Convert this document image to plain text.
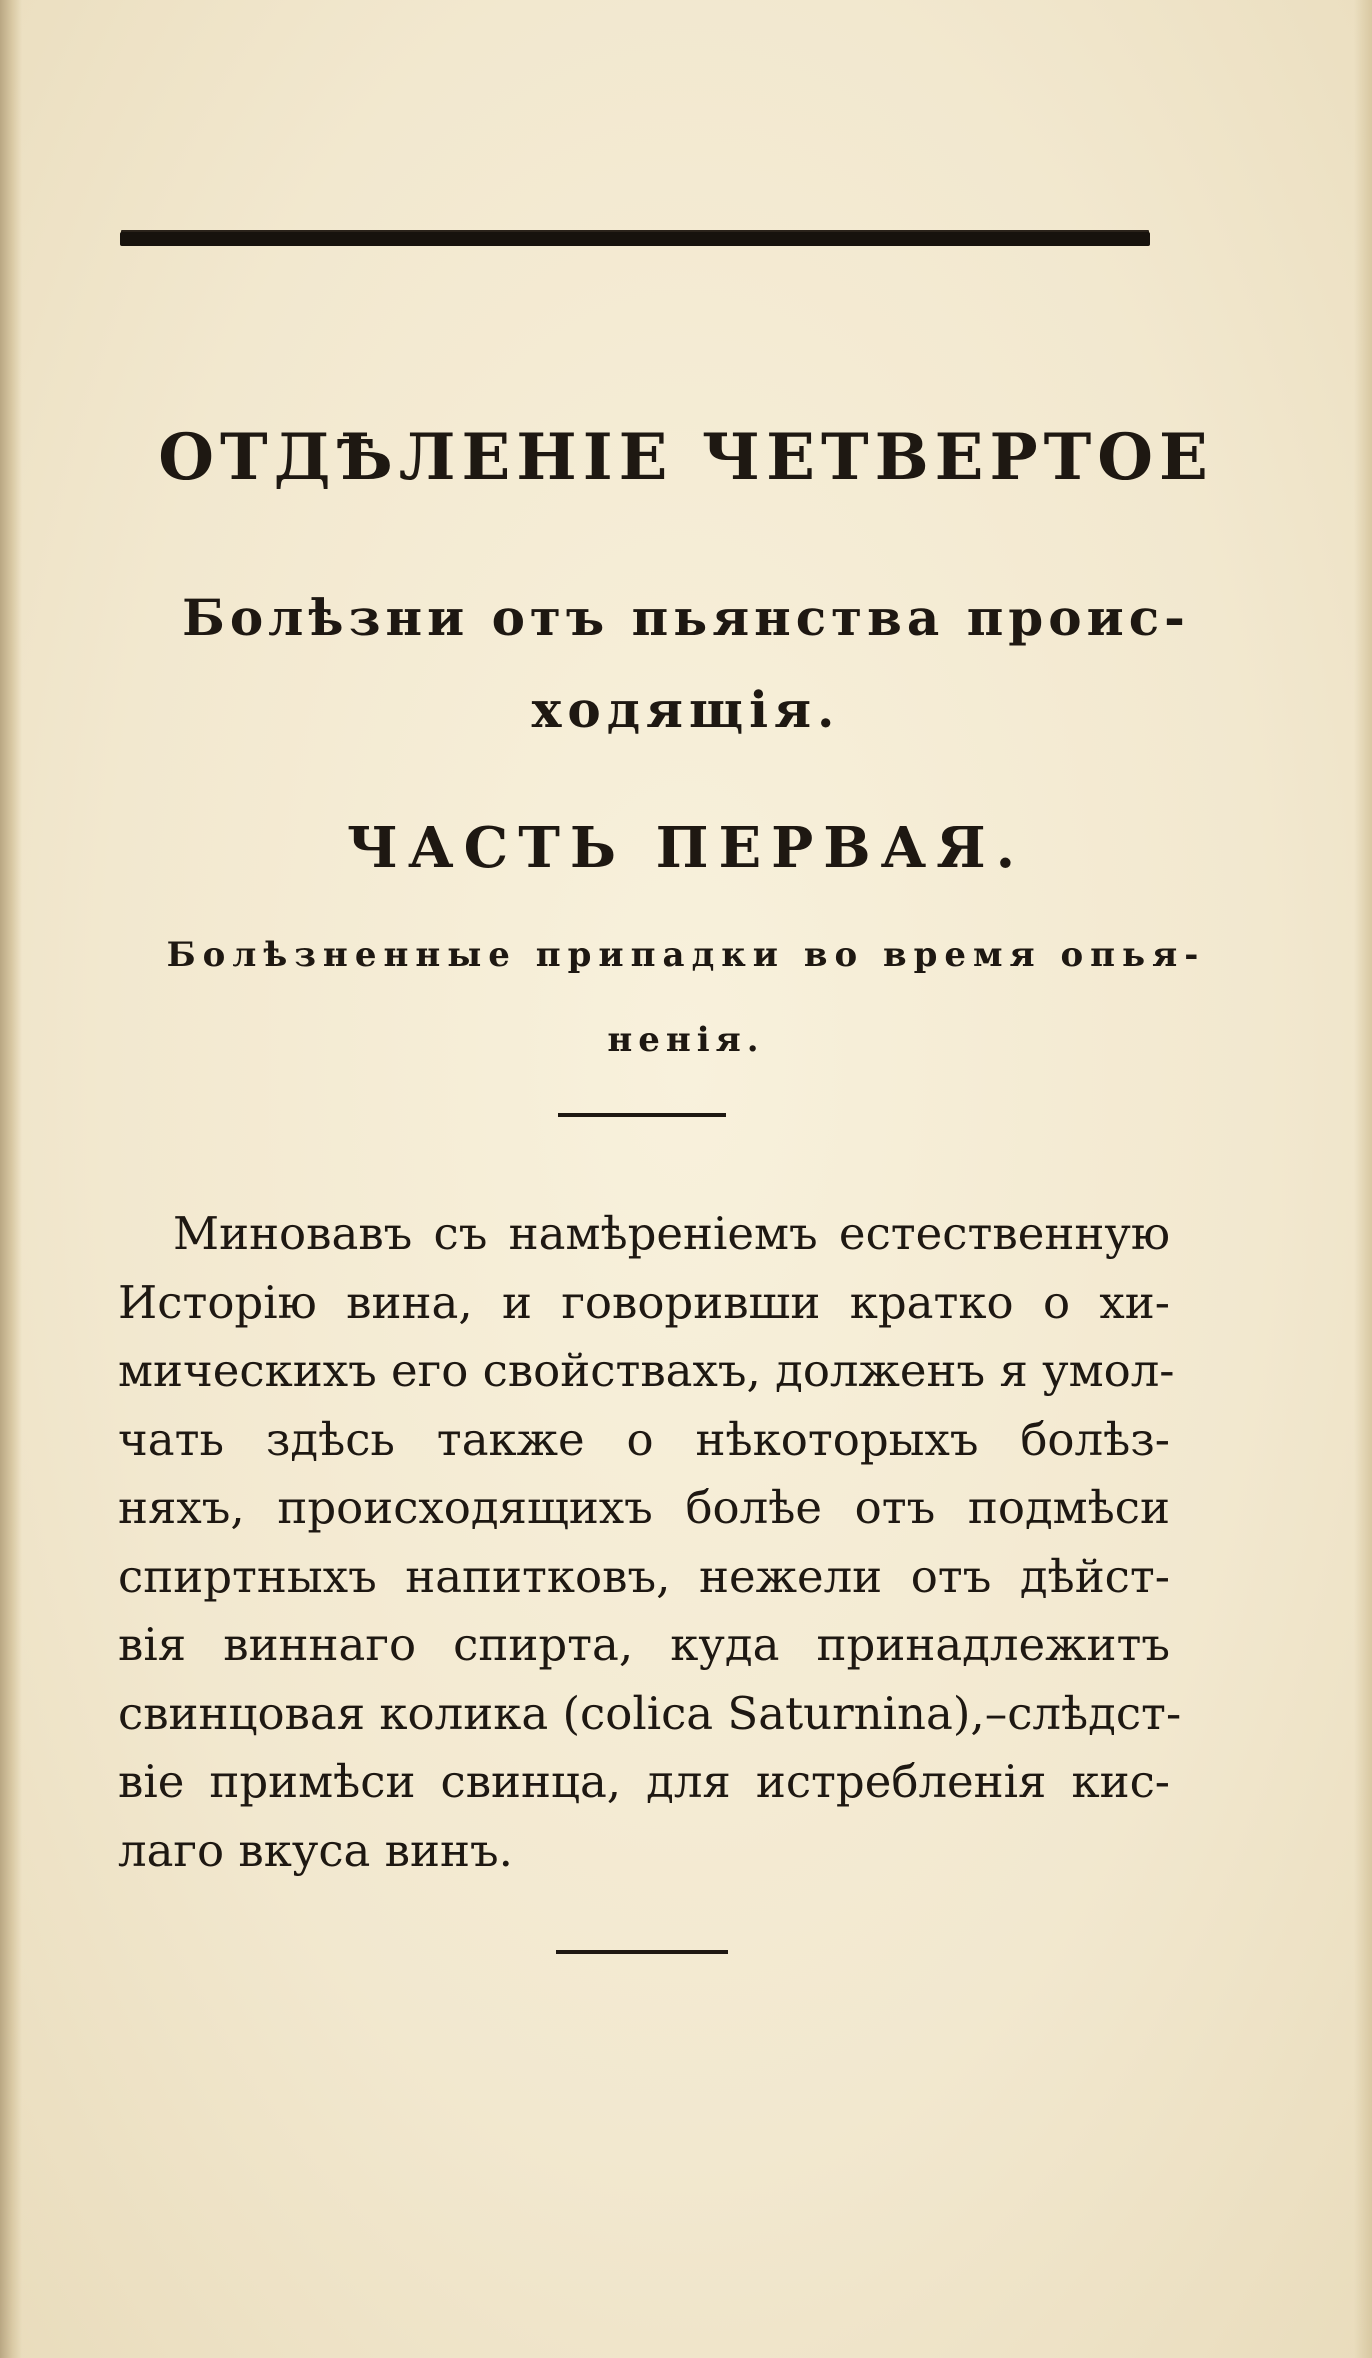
ОТДѢЛЕНІЕ ЧЕТВЕРТОЕ
Болѣзни отъ пьянства проис-
ходящія.
ЧАСТЬ ПЕРВАЯ.
Болѣзненные припадки во время опья-
ненія.
Миновавъ съ намѣреніемъ естественную
Исторію вина, и говоривши кратко о хи-
мическихъ его свойствахъ, долженъ я умол-
чать здѣсь также о нѣкоторыхъ болѣз-
няхъ, происходящихъ болѣе отъ подмѣси
спиртныхъ напитковъ, нежели отъ дѣйст-
вія виннаго спирта, куда принадлежитъ
свинцовая колика (colica Saturnina),–слѣдст-
віе примѣси свинца, для истребленія кис-
лаго вкуса винъ.
